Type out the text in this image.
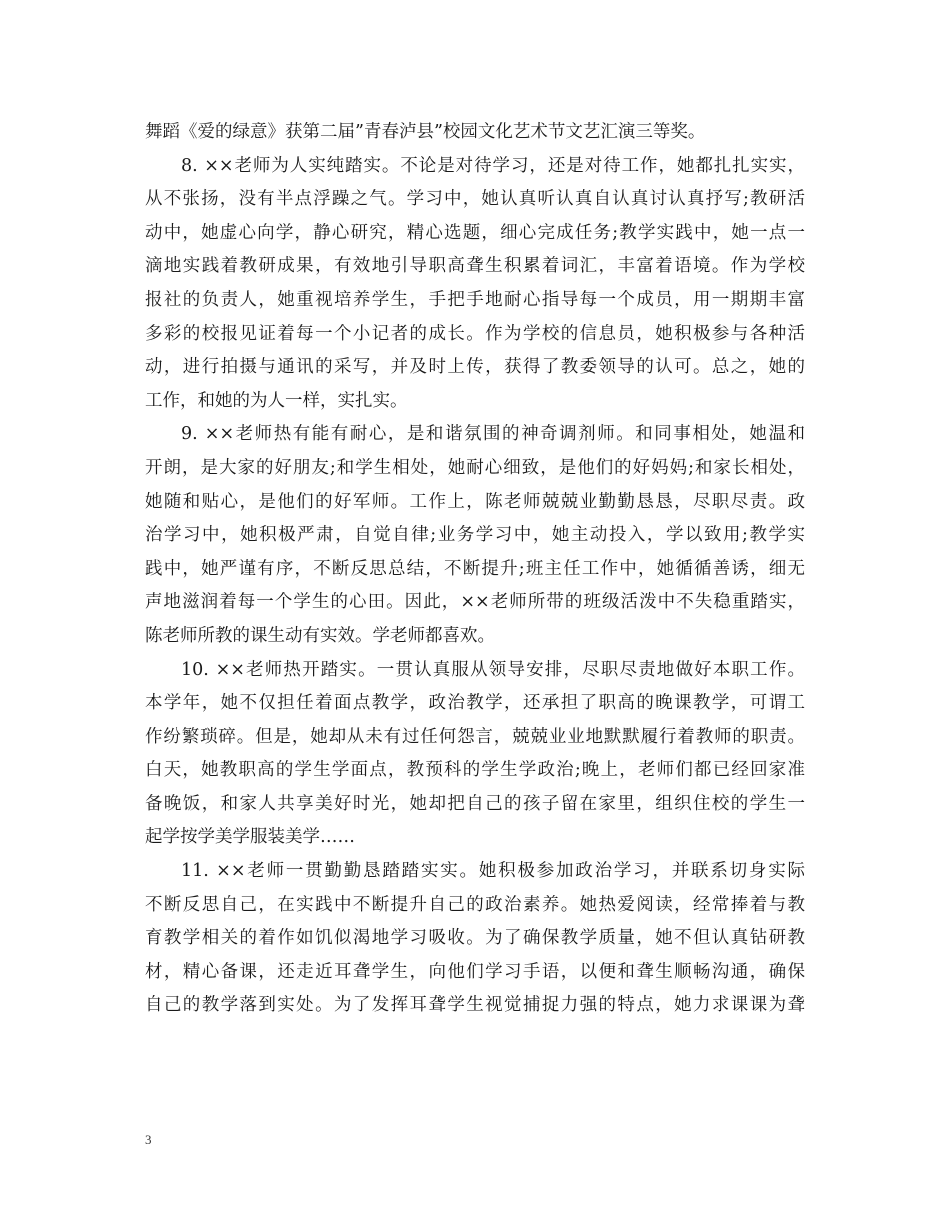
舞蹈《爱的绿意》获第二届”青春泸县”校园文化艺术节文艺汇演三等奖。
8. ××老师为人实纯踏实。不论是对待学习，还是对待工作，她都扎扎实实，
从不张扬，没有半点浮躁之气。学习中，她认真听认真自认真讨认真抒写;教研活
动中，她虚心向学，静心研究，精心选题，细心完成任务;教学实践中，她一点一
滴地实践着教研成果，有效地引导职高聋生积累着词汇，丰富着语境。作为学校
报社的负责人，她重视培养学生，手把手地耐心指导每一个成员，用一期期丰富
多彩的校报见证着每一个小记者的成长。作为学校的信息员，她积极参与各种活
动，进行拍摄与通讯的采写，并及时上传，获得了教委领导的认可。总之，她的
工作，和她的为人一样，实扎实。
9. ××老师热有能有耐心，是和谐氛围的神奇调剂师。和同事相处，她温和
开朗，是大家的好朋友;和学生相处，她耐心细致，是他们的好妈妈;和家长相处，
她随和贴心，是他们的好军师。工作上，陈老师兢兢业勤勤恳恳，尽职尽责。政
治学习中，她积极严肃，自觉自律;业务学习中，她主动投入，学以致用;教学实
践中，她严谨有序，不断反思总结，不断提升;班主任工作中，她循循善诱，细无
声地滋润着每一个学生的心田。因此，××老师所带的班级活泼中不失稳重踏实，
陈老师所教的课生动有实效。学老师都喜欢。
10. ××老师热开踏实。一贯认真服从领导安排，尽职尽责地做好本职工作。
本学年，她不仅担任着面点教学，政治教学，还承担了职高的晚课教学，可谓工
作纷繁琐碎。但是，她却从未有过任何怨言，兢兢业业地默默履行着教师的职责。
白天，她教职高的学生学面点，教预科的学生学政治;晚上，老师们都已经回家准
备晚饭，和家人共享美好时光，她却把自己的孩子留在家里，组织住校的学生一
起学按学美学服装美学……
11. ××老师一贯勤勤恳踏踏实实。她积极参加政治学习，并联系切身实际
不断反思自己，在实践中不断提升自己的政治素养。她热爱阅读，经常捧着与教
育教学相关的着作如饥似渴地学习吸收。为了确保教学质量，她不但认真钻研教
材，精心备课，还走近耳聋学生，向他们学习手语，以便和聋生顺畅沟通，确保
自己的教学落到实处。为了发挥耳聋学生视觉捕捉力强的特点，她力求课课为聋
3
